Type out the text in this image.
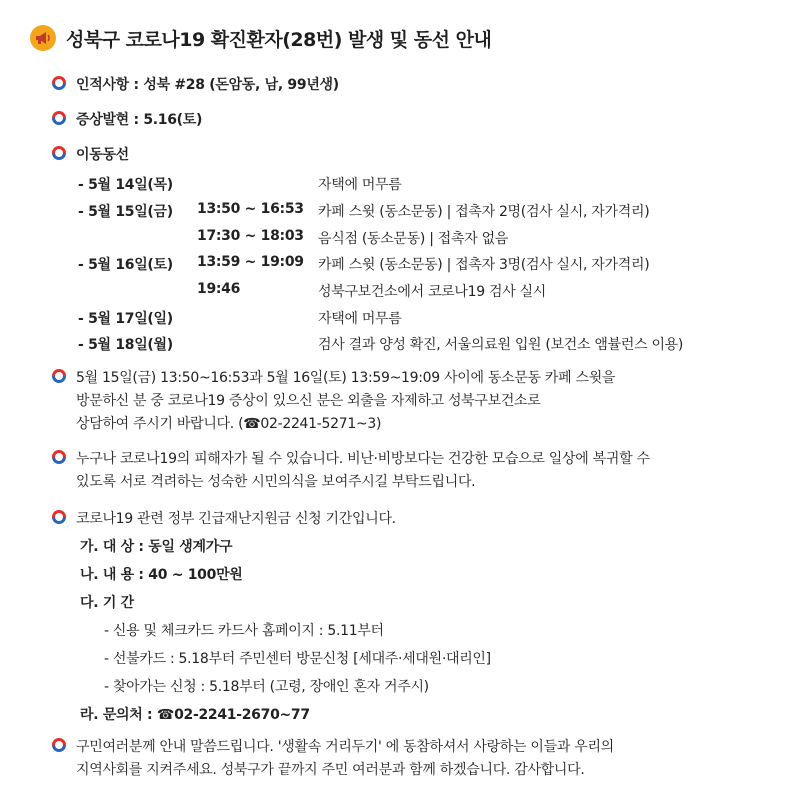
성북구 코로나19 확진환자(28번) 발생 및 동선 안내
인적사항 : 성북 #28 (돈암동, 남, 99년생)
증상발현 : 5.16(토)
이동동선
- 5월 14일(목)	자택에 머무름
- 5월 15일(금) 13:50 ~ 16:53 카페 스윗 (동소문동) | 접촉자 2명(검사 실시, 자가격리)
17:30 ~ 18:03 음식점 (동소문동) | 접촉자 없음
- 5월 16일(토) 13:59 ~ 19:09 카페 스윗 (동소문동) | 접촉자 3명(검사 실시, 자가격리)
19:46	성북구보건소에서 코로나19 검사 실시
- 5월 17일(일)	자택에 머무름
- 5월 18일(월)	검사 결과 양성 확진, 서울의료원 입원 (보건소 앰뷸런스 이용)
5월 15일(금) 13:50~16:53과 5월 16일(토) 13:59~19:09 사이에 동소문동 카페 스윗을
방문하신 분 중 코로나19 증상이 있으신 분은 외출을 자제하고 성북구보건소로
상담하여 주시기 바랍니다. (☎02-2241-5271~3)
누구나 코로나19의 피해자가 될 수 있습니다. 비난·비방보다는 건강한 모습으로 일상에 복귀할 수
있도록 서로 격려하는 성숙한 시민의식을 보여주시길 부탁드립니다.
코로나19 관련 정부 긴급재난지원금 신청 기간입니다.
가. 대 상 : 동일 생계가구
나. 내 용 : 40 ~ 100만원
다. 기 간
- 신용 및 체크카드 카드사 홈페이지 : 5.11부터
- 선불카드 : 5.18부터 주민센터 방문신청 [세대주·세대원·대리인]
- 찾아가는 신청 : 5.18부터 (고령, 장애인 혼자 거주시)
라. 문의처 : ☎02-2241-2670~77
구민여러분께 안내 말씀드립니다. '생활속 거리두기' 에 동참하셔서 사랑하는 이들과 우리의
지역사회를 지켜주세요. 성북구가 끝까지 주민 여러분과 함께 하겠습니다. 감사합니다.
